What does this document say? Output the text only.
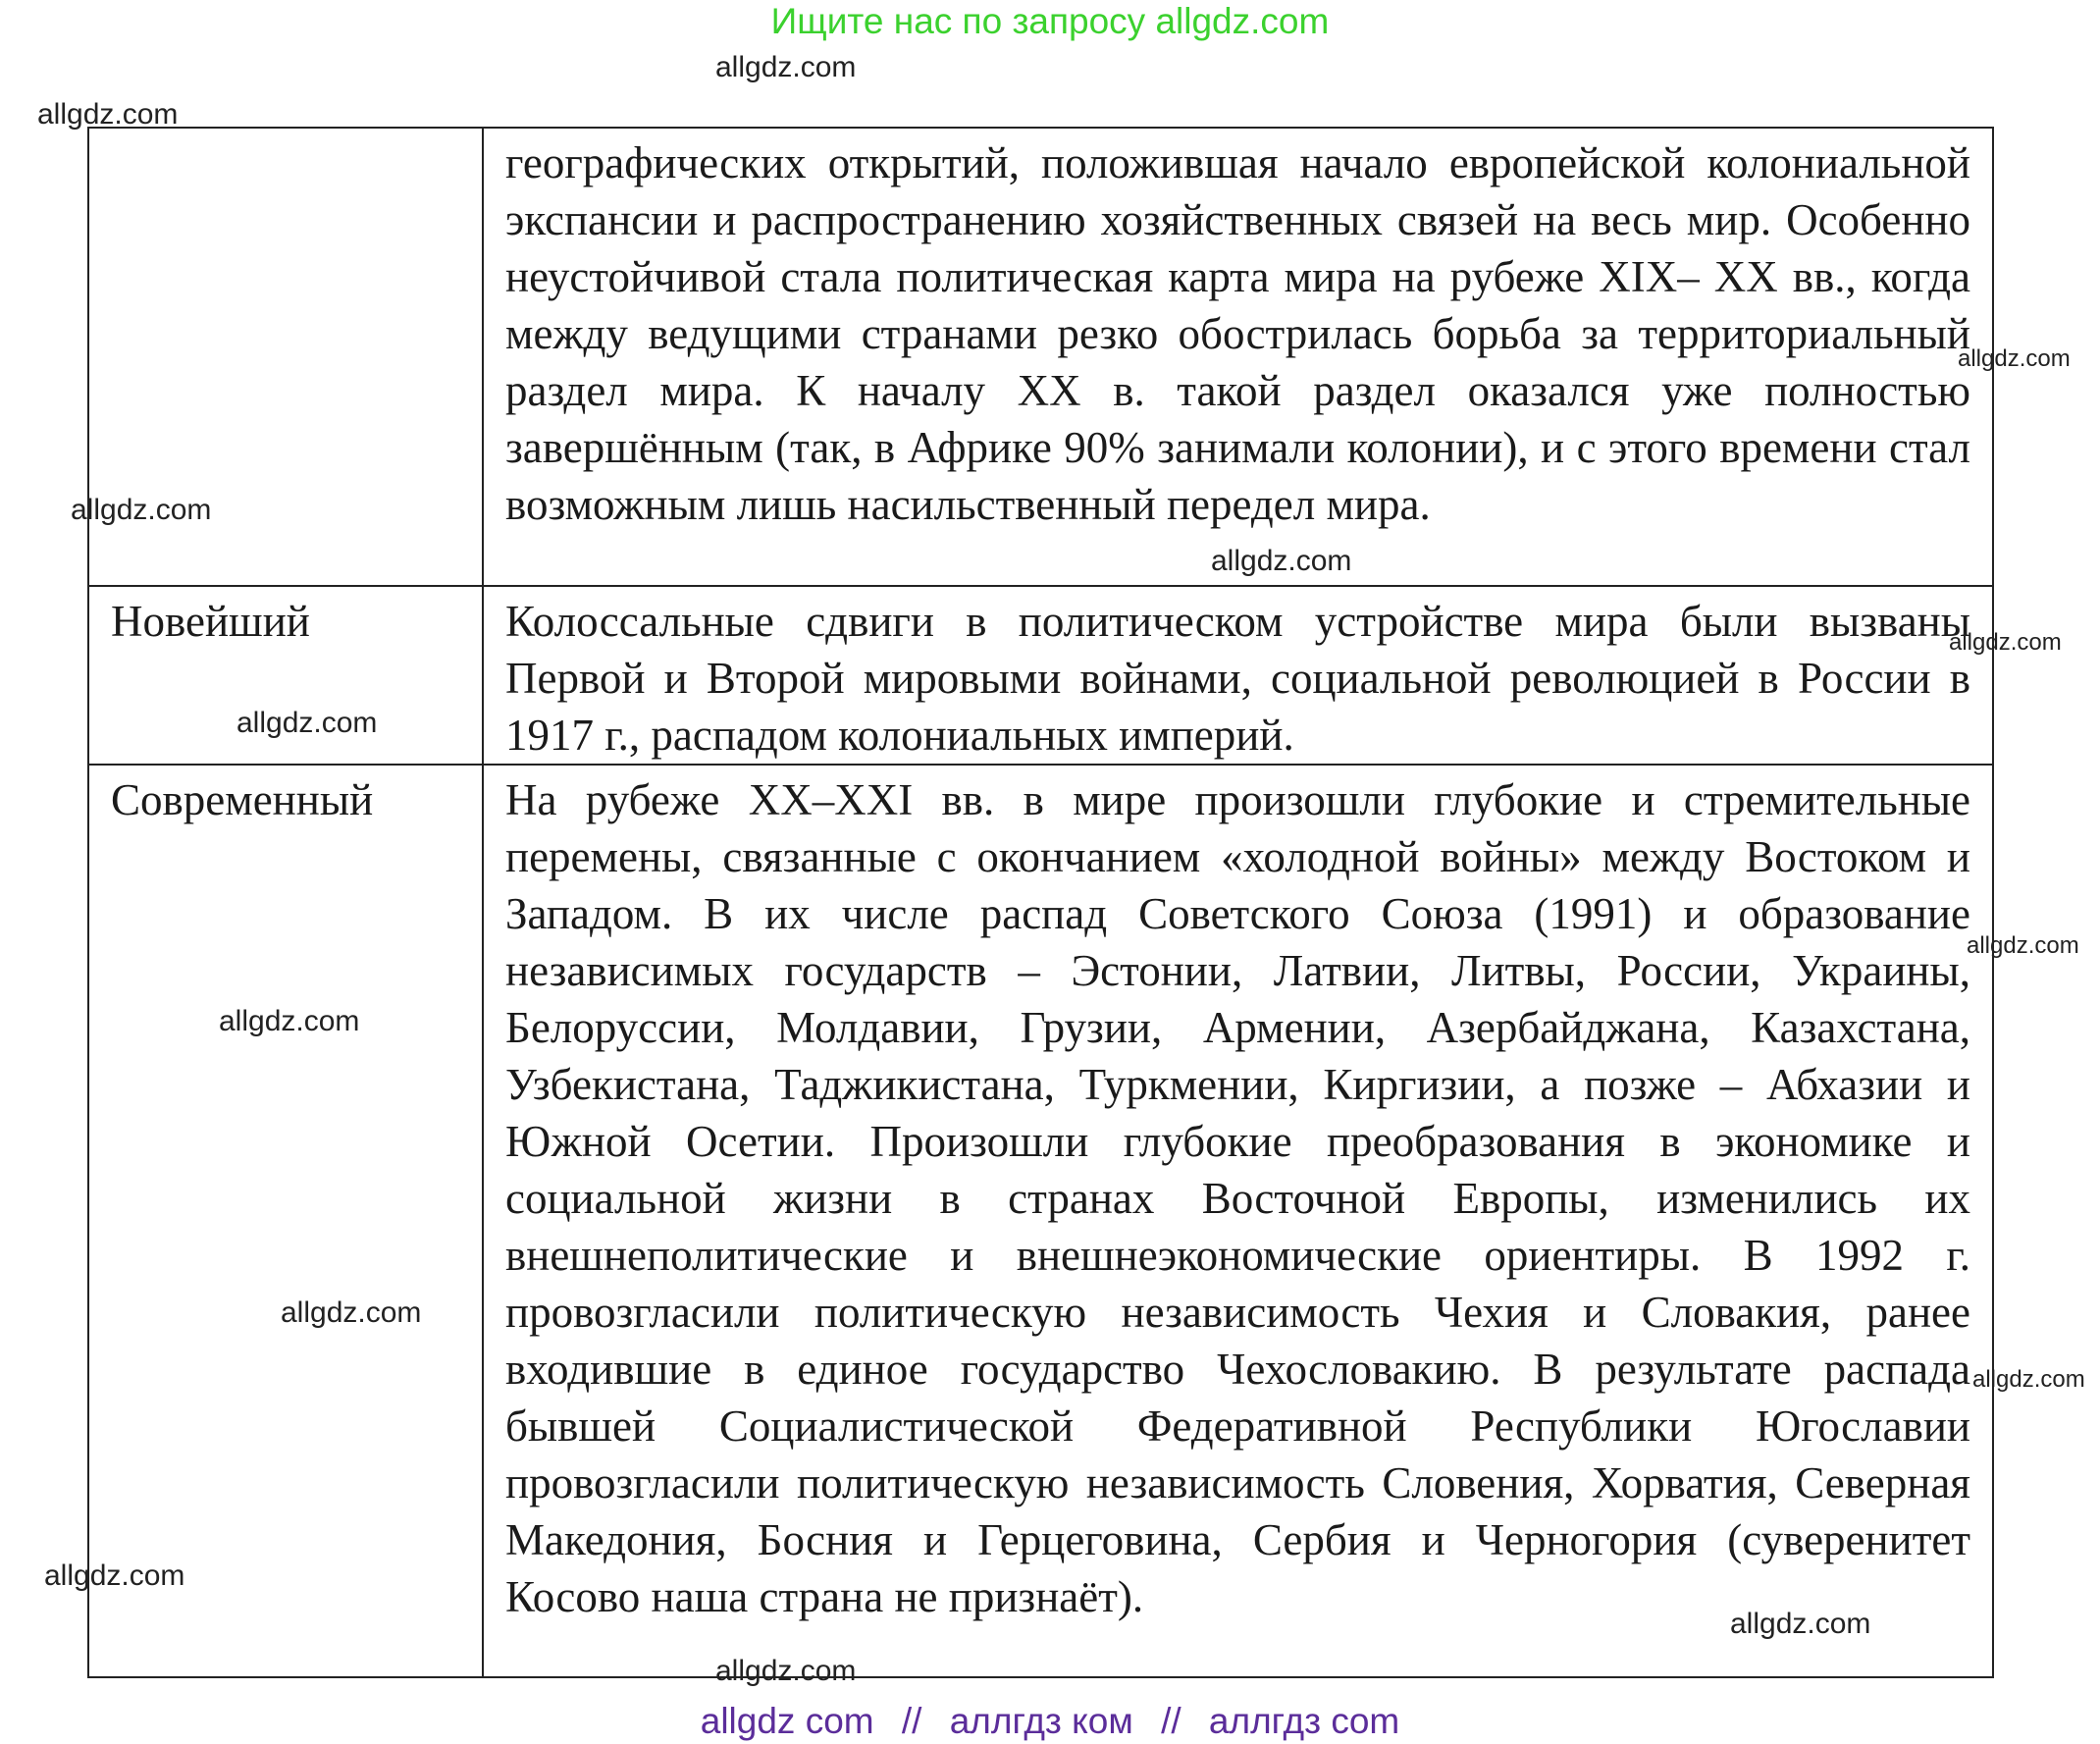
Ищите нас по запросу allgdz.com
	географических открытий, положившая начало европейской колониальной экспансии и распространению хозяйственных связей на весь мир. Особенно неустойчивой стала политическая карта мира на рубеже XIX– XX вв., когда между ведущими странами резко обострилась борьба за территориальный раздел мира. К началу XX в. такой раздел оказался уже полностью завершённым (так, в Африке 90% занимали колонии), и с этого времени стал возможным лишь насильственный передел мира.
Новейший	Колоссальные сдвиги в политическом устройстве мира были вызваны Первой и Второй мировыми войнами, социальной революцией в России в 1917 г., распадом колониальных империй.
Современный	На рубеже XX–XXI вв. в мире произошли глубокие и стремительные перемены, связанные с окончанием «холодной войны» между Востоком и Западом. В их числе распад Советского Союза (1991) и образование независимых государств – Эстонии, Латвии, Литвы, России, Украины, Белоруссии, Молдавии, Грузии, Армении, Азербайджана, Казахстана, Узбекистана, Таджикистана, Туркмении, Киргизии, а позже – Абхазии и Южной Осетии. Произошли глубокие преобразования в экономике и социальной жизни в странах Восточной Европы, изменились их внешнеполитические и внешнеэкономические ориентиры. В 1992 г. провозгласили политическую независимость Чехия и Словакия, ранее входившие в единое государство Чехословакию. В результате распада бывшей Социалистической Федеративной Республики Югославии провозгласили политическую независимость Словения, Хорватия, Северная Македония, Босния и Герцеговина, Сербия и Черногория (суверенитет Косово наша страна не признаёт).
allgdz.com
allgdz.com
allgdz.com
allgdz.com
allgdz.com
allgdz.com
allgdz.com
allgdz.com
allgdz.com
allgdz.com
allgdz.com
allgdz.com
allgdz.com
allgdz.com
allgdz com // аллгдз ком // аллгдз com
